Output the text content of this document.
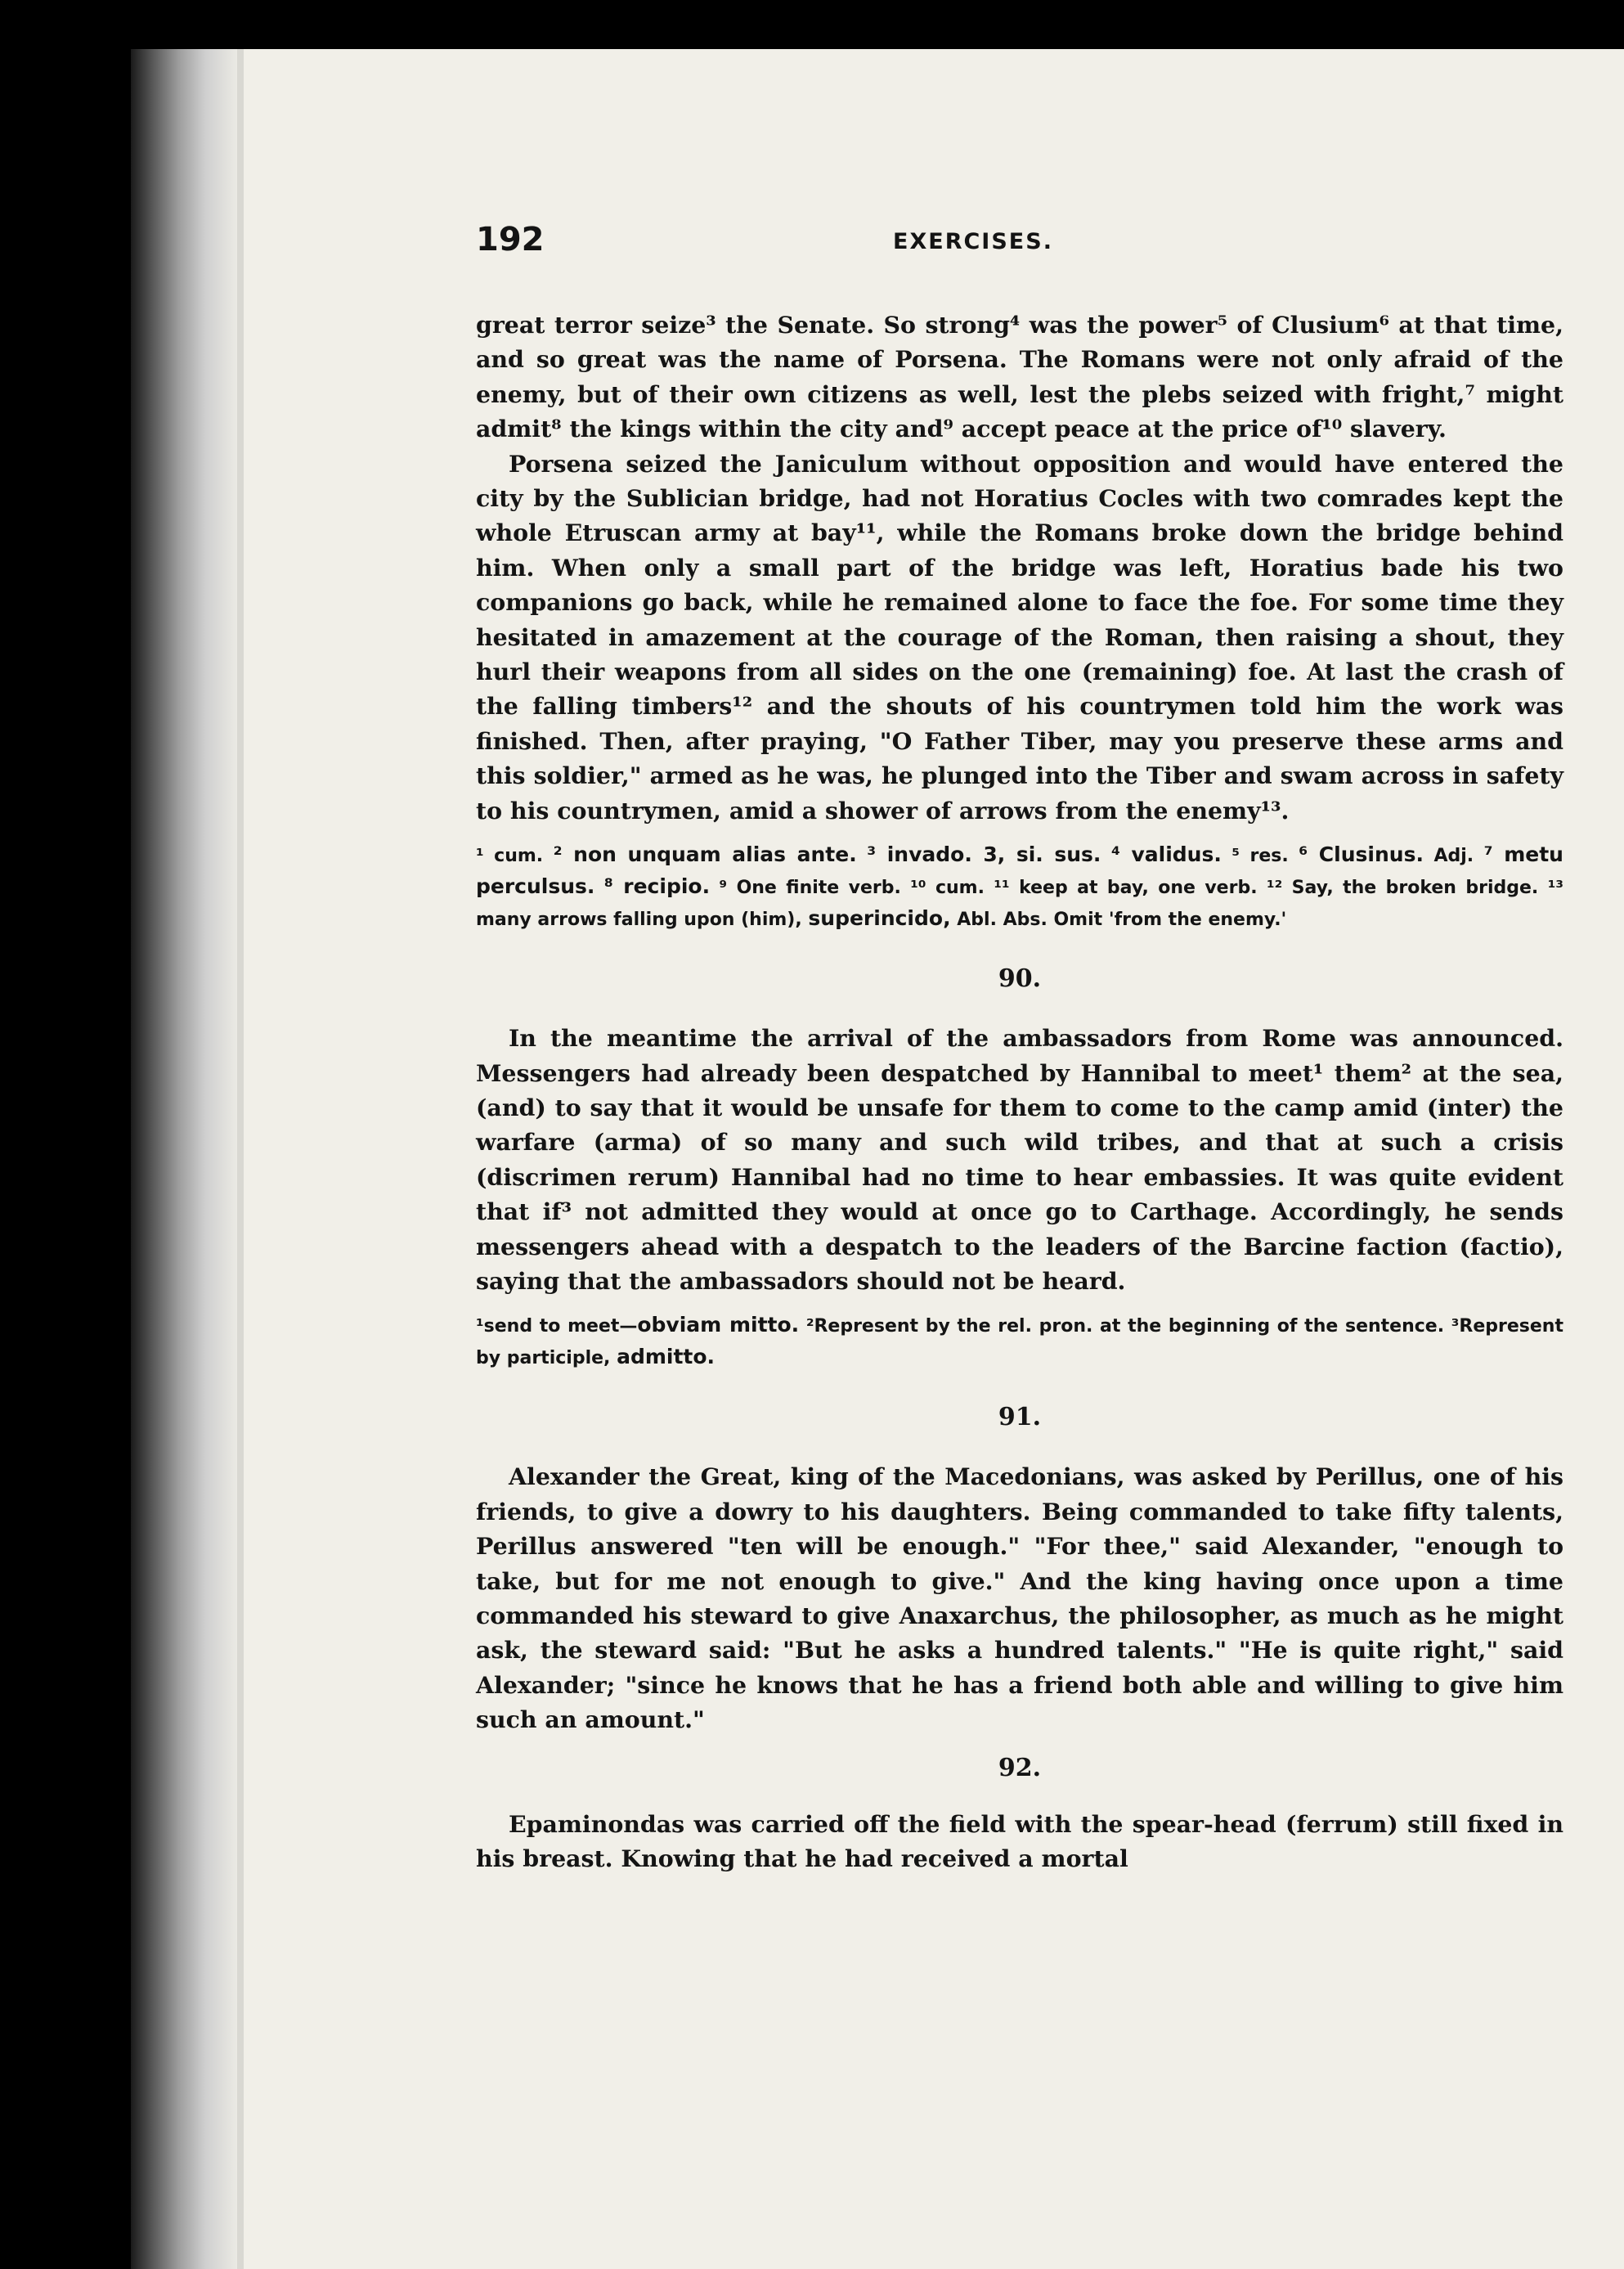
192	EXERCISES.

great terror seize³ the Senate. So strong⁴ was the power⁵ of Clusium⁶ at that time, and so great was the name of Porsena. The Romans were not only afraid of the enemy, but of their own citizens as well, lest the plebs seized with fright,⁷ might admit⁸ the kings within the city and⁹ accept peace at the price of¹⁰ slavery.

Porsena seized the Janiculum without opposition and would have entered the city by the Sublician bridge, had not Horatius Cocles with two comrades kept the whole Etruscan army at bay¹¹, while the Romans broke down the bridge behind him. When only a small part of the bridge was left, Horatius bade his two companions go back, while he remained alone to face the foe. For some time they hesitated in amazement at the courage of the Roman, then raising a shout, they hurl their weapons from all sides on the one (remaining) foe. At last the crash of the falling timbers¹² and the shouts of his countrymen told him the work was finished. Then, after praying, "O Father Tiber, may you preserve these arms and this soldier," armed as he was, he plunged into the Tiber and swam across in safety to his countrymen, amid a shower of arrows from the enemy¹³.

¹ cum. ² non unquam alias ante. ³ invado. 3, si. sus. ⁴ validus. ⁵ res. ⁶ Clusinus. Adj. ⁷ metu perculsus. ⁸ recipio. ⁹ One finite verb. ¹⁰ cum. ¹¹ keep at bay, one verb. ¹² Say, the broken bridge. ¹³ many arrows falling upon (him), superincido, Abl. Abs. Omit 'from the enemy.'

90.

In the meantime the arrival of the ambassadors from Rome was announced. Messengers had already been despatched by Hannibal to meet¹ them² at the sea, (and) to say that it would be unsafe for them to come to the camp amid (inter) the warfare (arma) of so many and such wild tribes, and that at such a crisis (discrimen rerum) Hannibal had no time to hear embassies. It was quite evident that if³ not admitted they would at once go to Carthage. Accordingly, he sends messengers ahead with a despatch to the leaders of the Barcine faction (factio), saying that the ambassadors should not be heard.

¹send to meet—obviam mitto. ²Represent by the rel. pron. at the beginning of the sentence. ³Represent by participle, admitto.

91.

Alexander the Great, king of the Macedonians, was asked by Perillus, one of his friends, to give a dowry to his daughters. Being commanded to take fifty talents, Perillus answered "ten will be enough." "For thee," said Alexander, "enough to take, but for me not enough to give." And the king having once upon a time commanded his steward to give Anaxarchus, the philosopher, as much as he might ask, the steward said: "But he asks a hundred talents." "He is quite right," said Alexander; "since he knows that he has a friend both able and willing to give him such an amount."

92.

Epaminondas was carried off the field with the spear-head (ferrum) still fixed in his breast. Knowing that he had received a mortal
